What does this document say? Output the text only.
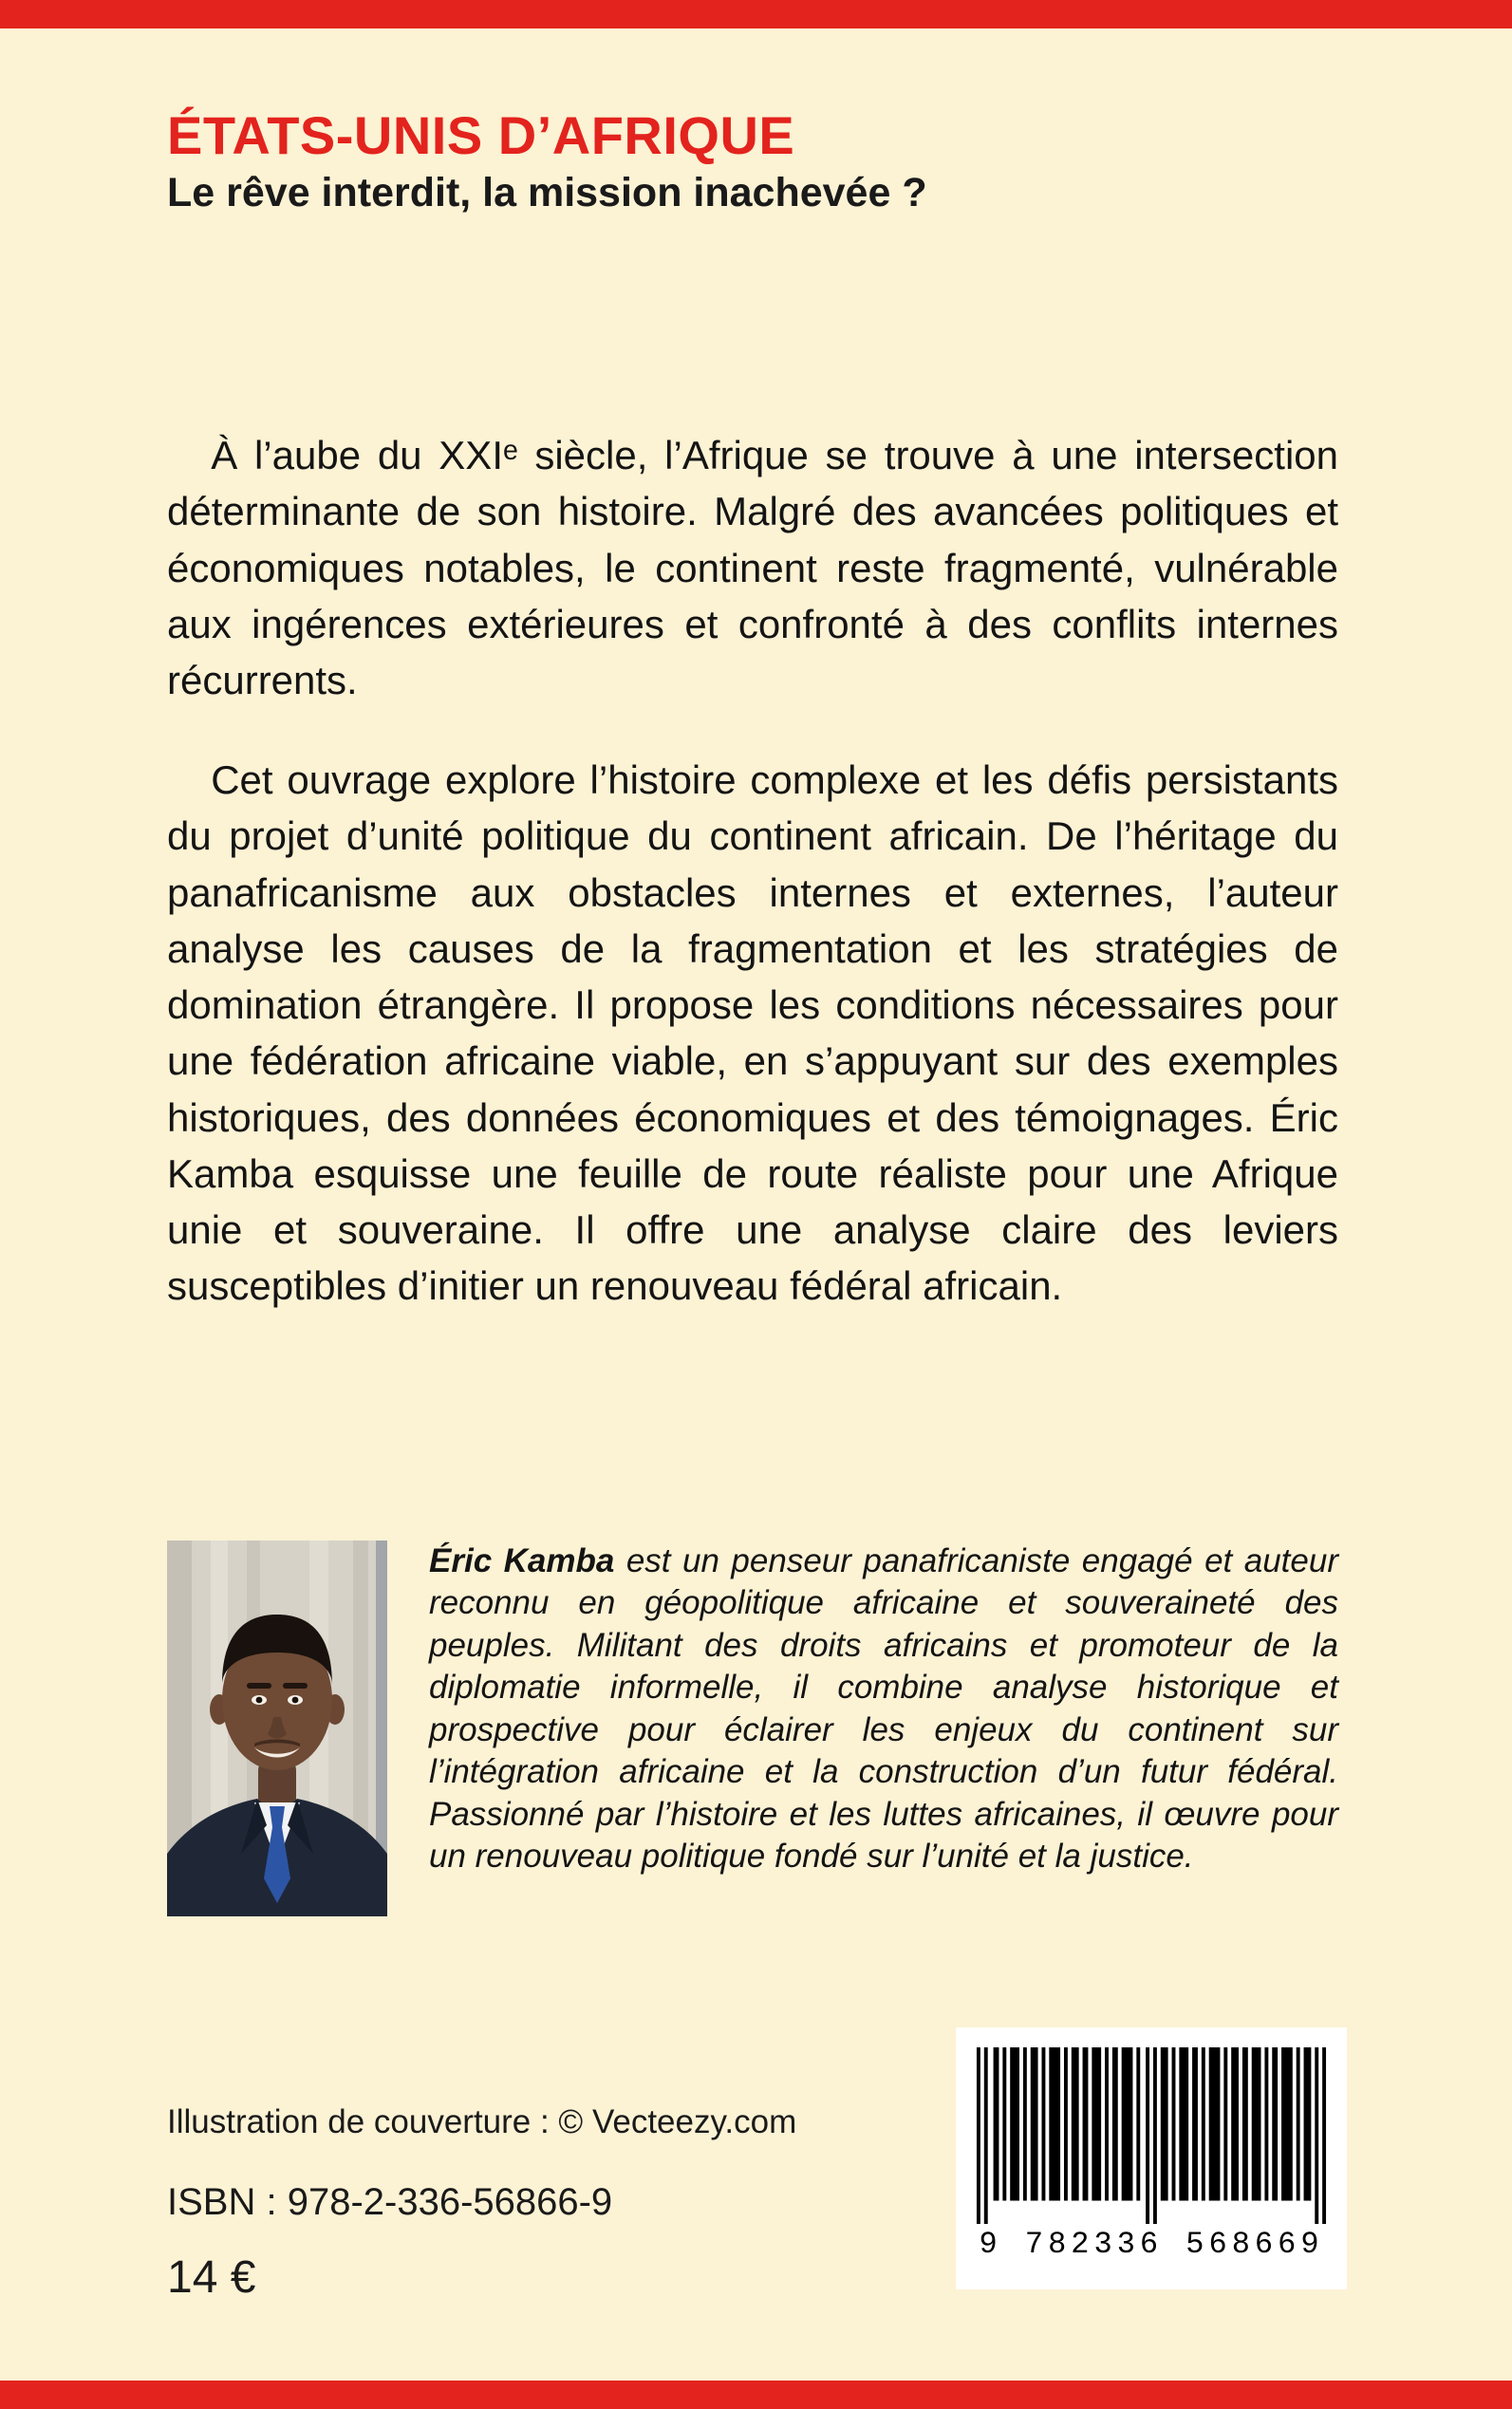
ÉTATS-UNIS D’AFRIQUE
Le rêve interdit, la mission inachevée ?

À l’aube du XXIᵉ siècle, l’Afrique se trouve à une intersection déterminante de son histoire. Malgré des avancées politiques et économiques notables, le continent reste fragmenté, vulnérable aux ingérences extérieures et confronté à des conflits internes récurrents.

Cet ouvrage explore l’histoire complexe et les défis persistants du projet d’unité politique du continent africain. De l’héritage du panafricanisme aux obstacles internes et externes, l’auteur analyse les causes de la fragmentation et les stratégies de domination étrangère. Il propose les conditions nécessaires pour une fédération africaine viable, en s’appuyant sur des exemples historiques, des données économiques et des témoignages. Éric Kamba esquisse une feuille de route réaliste pour une Afrique unie et souveraine. Il offre une analyse claire des leviers susceptibles d’initier un renouveau fédéral africain.

Éric Kamba est un penseur panafricaniste engagé et auteur reconnu en géopolitique africaine et souveraineté des peuples. Militant des droits africains et promoteur de la diplomatie informelle, il combine analyse historique et prospective pour éclairer les enjeux du continent sur l’intégration africaine et la construction d’un futur fédéral. Passionné par l’histoire et les luttes africaines, il œuvre pour un renouveau politique fondé sur l’unité et la justice.

Illustration de couverture : © Vecteezy.com
ISBN : 978-2-336-56866-9
14 €
9 782336 568669
